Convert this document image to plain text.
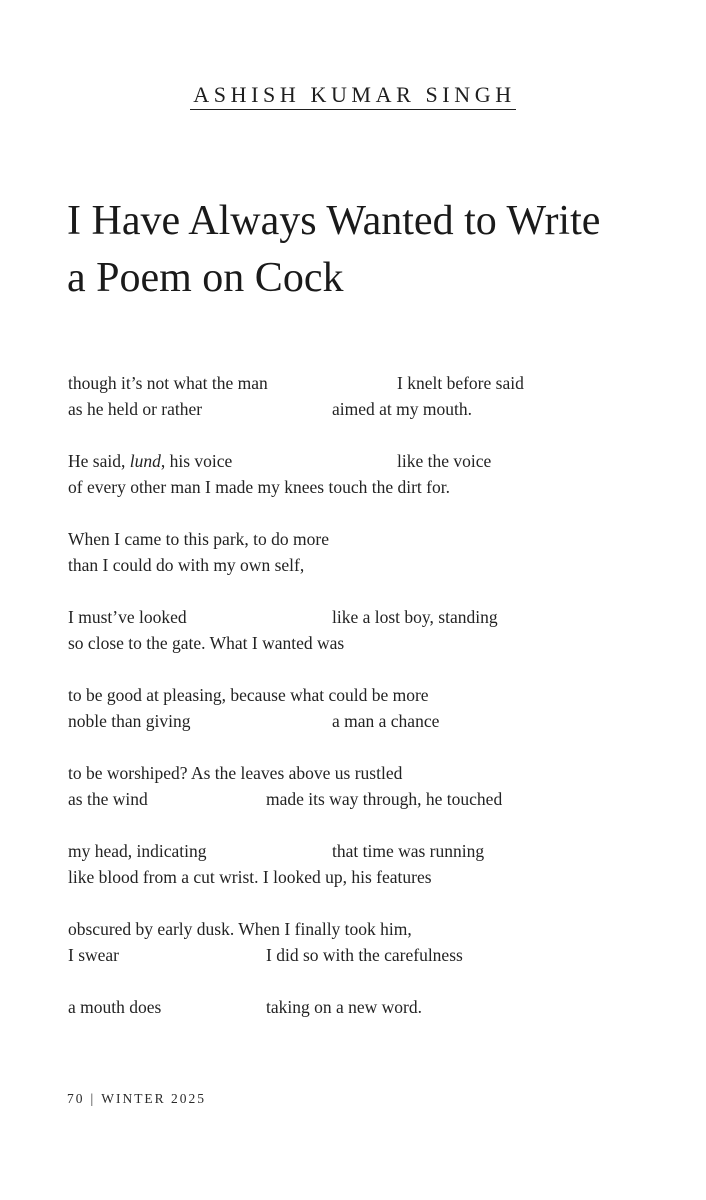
ASHISH KUMAR SINGH
I Have Always Wanted to Write
a Poem on Cock
though it’s not what the man	I knelt before said
as he held or rather	aimed at my mouth.
He said, lund, his voice	like the voice
of every other man I made my knees touch the dirt for.
When I came to this park, to do more
than I could do with my own self,
I must’ve looked	like a lost boy, standing
so close to the gate. What I wanted was
to be good at pleasing, because what could be more
noble than giving	a man a chance
to be worshiped? As the leaves above us rustled
as the wind	made its way through, he touched
my head, indicating	that time was running
like blood from a cut wrist. I looked up, his features
obscured by early dusk. When I finally took him,
I swear	I did so with the carefulness
a mouth does	taking on a new word.
70 | WINTER 2025
